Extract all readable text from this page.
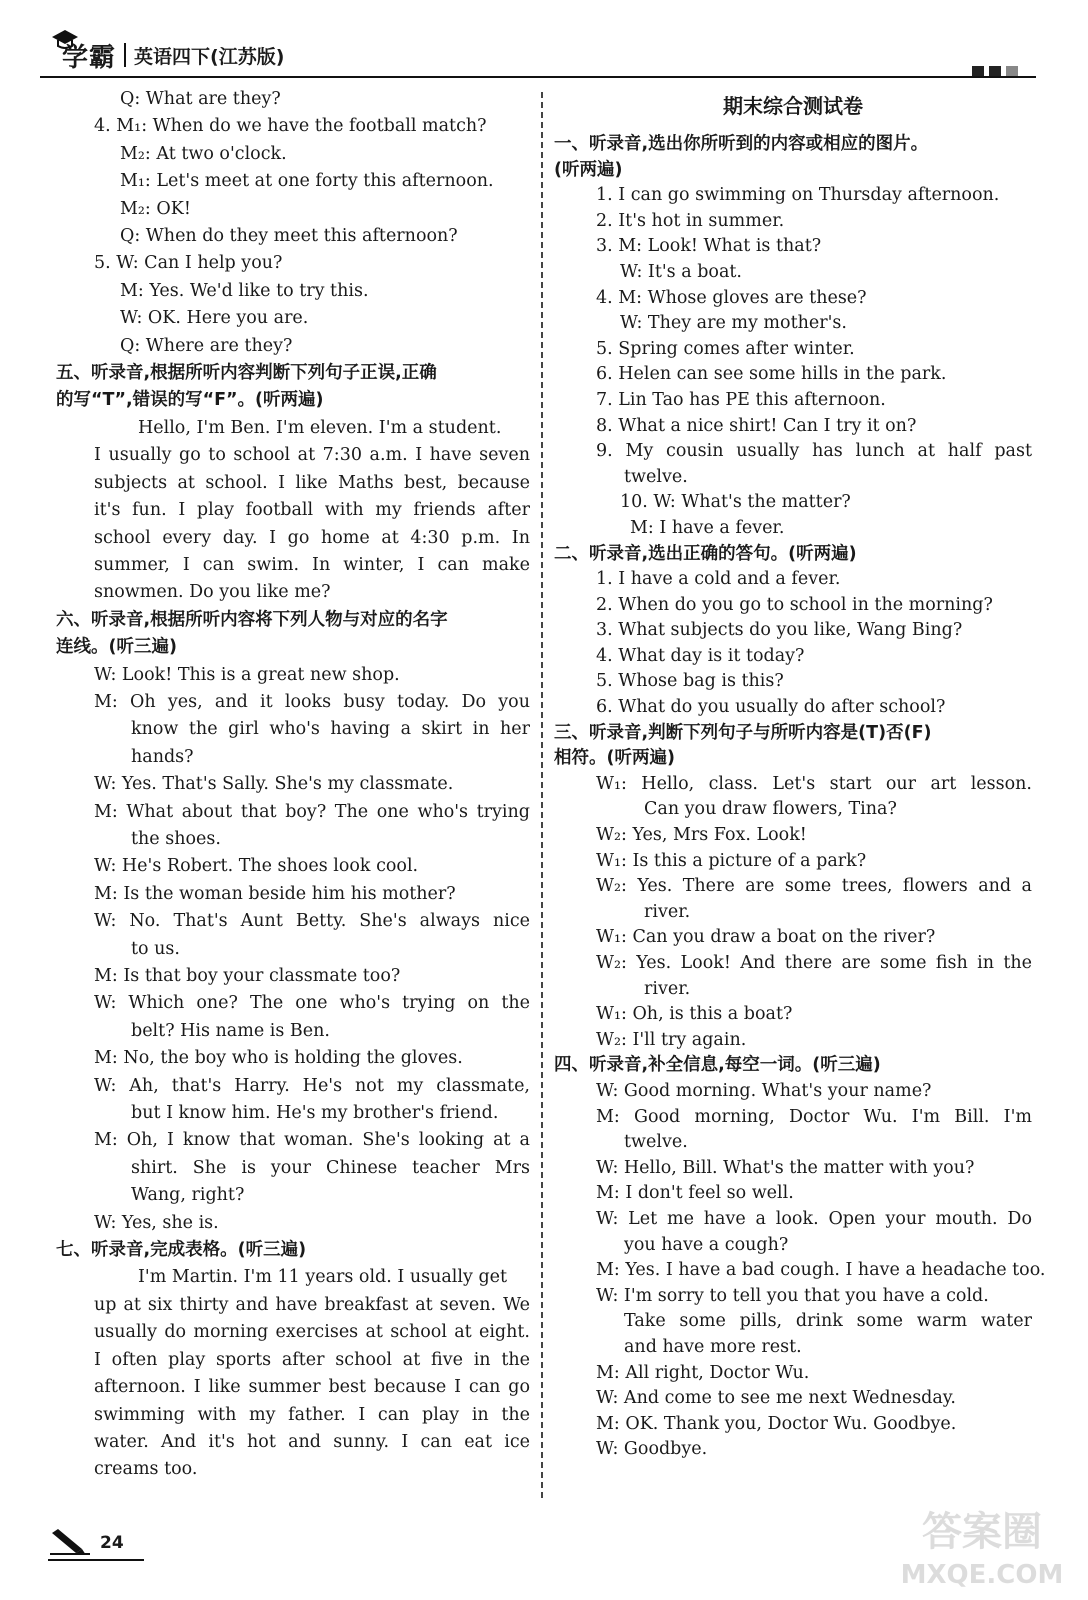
学霸 英语四下(江苏版)
Q: What are they?
4. M₁: When do we have the football match?
M₂: At two o'clock.
M₁: Let's meet at one forty this afternoon.
M₂: OK!
Q: When do they meet this afternoon?
5. W: Can I help you?
M: Yes. We'd like to try this.
W: OK. Here you are.
Q: Where are they?
五、听录音,根据所听内容判断下列句子正误,正确
的写“T”,错误的写“F”。(听两遍)
Hello, I'm Ben. I'm eleven. I'm a student.
I usually go to school at 7:30 a.m. I have seven
subjects at school. I like Maths best, because
it's fun. I play football with my friends after
school every day. I go home at 4:30 p.m. In
summer, I can swim. In winter, I can make
snowmen. Do you like me?
六、听录音,根据所听内容将下列人物与对应的名字
连线。(听三遍)
W: Look! This is a great new shop.
M: Oh yes, and it looks busy today. Do you
know the girl who's having a skirt in her
hands?
W: Yes. That's Sally. She's my classmate.
M: What about that boy? The one who's trying
the shoes.
W: He's Robert. The shoes look cool.
M: Is the woman beside him his mother?
W: No. That's Aunt Betty. She's always nice
to us.
M: Is that boy your classmate too?
W: Which one? The one who's trying on the
belt? His name is Ben.
M: No, the boy who is holding the gloves.
W: Ah, that's Harry. He's not my classmate,
but I know him. He's my brother's friend.
M: Oh, I know that woman. She's looking at a
shirt. She is your Chinese teacher Mrs
Wang, right?
W: Yes, she is.
七、听录音,完成表格。(听三遍)
I'm Martin. I'm 11 years old. I usually get
up at six thirty and have breakfast at seven. We
usually do morning exercises at school at eight.
I often play sports after school at five in the
afternoon. I like summer best because I can go
swimming with my father. I can play in the
water. And it's hot and sunny. I can eat ice
creams too.
期末综合测试卷
一、听录音,选出你所听到的内容或相应的图片。
(听两遍)
1. I can go swimming on Thursday afternoon.
2. It's hot in summer.
3. M: Look! What is that?
W: It's a boat.
4. M: Whose gloves are these?
W: They are my mother's.
5. Spring comes after winter.
6. Helen can see some hills in the park.
7. Lin Tao has PE this afternoon.
8. What a nice shirt! Can I try it on?
9. My cousin usually has lunch at half past
twelve.
10. W: What's the matter?
M: I have a fever.
二、听录音,选出正确的答句。(听两遍)
1. I have a cold and a fever.
2. When do you go to school in the morning?
3. What subjects do you like, Wang Bing?
4. What day is it today?
5. Whose bag is this?
6. What do you usually do after school?
三、听录音,判断下列句子与所听内容是(T)否(F)
相符。(听两遍)
W₁: Hello, class. Let's start our art lesson.
Can you draw flowers, Tina?
W₂: Yes, Mrs Fox. Look!
W₁: Is this a picture of a park?
W₂: Yes. There are some trees, flowers and a
river.
W₁: Can you draw a boat on the river?
W₂: Yes. Look! And there are some fish in the
river.
W₁: Oh, is this a boat?
W₂: I'll try again.
四、听录音,补全信息,每空一词。(听三遍)
W: Good morning. What's your name?
M: Good morning, Doctor Wu. I'm Bill. I'm
twelve.
W: Hello, Bill. What's the matter with you?
M: I don't feel so well.
W: Let me have a look. Open your mouth. Do
you have a cough?
M: Yes. I have a bad cough. I have a headache too.
W: I'm sorry to tell you that you have a cold.
Take some pills, drink some warm water
and have more rest.
M: All right, Doctor Wu.
W: And come to see me next Wednesday.
M: OK. Thank you, Doctor Wu. Goodbye.
W: Goodbye.
24	答案圈
MXQE.COM
